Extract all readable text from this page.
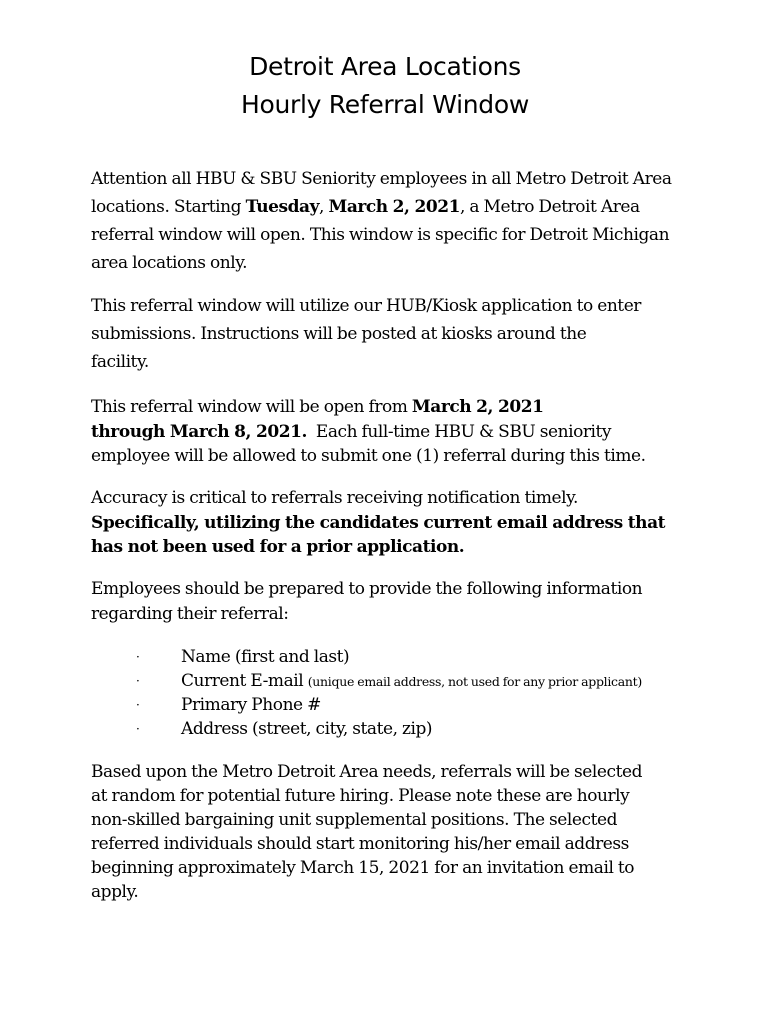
Detroit Area Locations
Hourly Referral Window

Attention all HBU & SBU Seniority employees in all Metro Detroit Area
locations. Starting Tuesday, March 2, 2021, a Metro Detroit Area
referral window will open. This window is specific for Detroit Michigan
area locations only.

This referral window will utilize our HUB/Kiosk application to enter
submissions. Instructions will be posted at kiosks around the
facility.

This referral window will be open from March 2, 2021
through March 8, 2021.  Each full-time HBU & SBU seniority
employee will be allowed to submit one (1) referral during this time.

Accuracy is critical to referrals receiving notification timely.
Specifically, utilizing the candidates current email address that
has not been used for a prior application.

Employees should be prepared to provide the following information
regarding their referral:

· Name (first and last)
· Current E-mail (unique email address, not used for any prior applicant)
· Primary Phone #
· Address (street, city, state, zip)

Based upon the Metro Detroit Area needs, referrals will be selected
at random for potential future hiring. Please note these are hourly
non-skilled bargaining unit supplemental positions. The selected
referred individuals should start monitoring his/her email address
beginning approximately March 15, 2021 for an invitation email to
apply.
